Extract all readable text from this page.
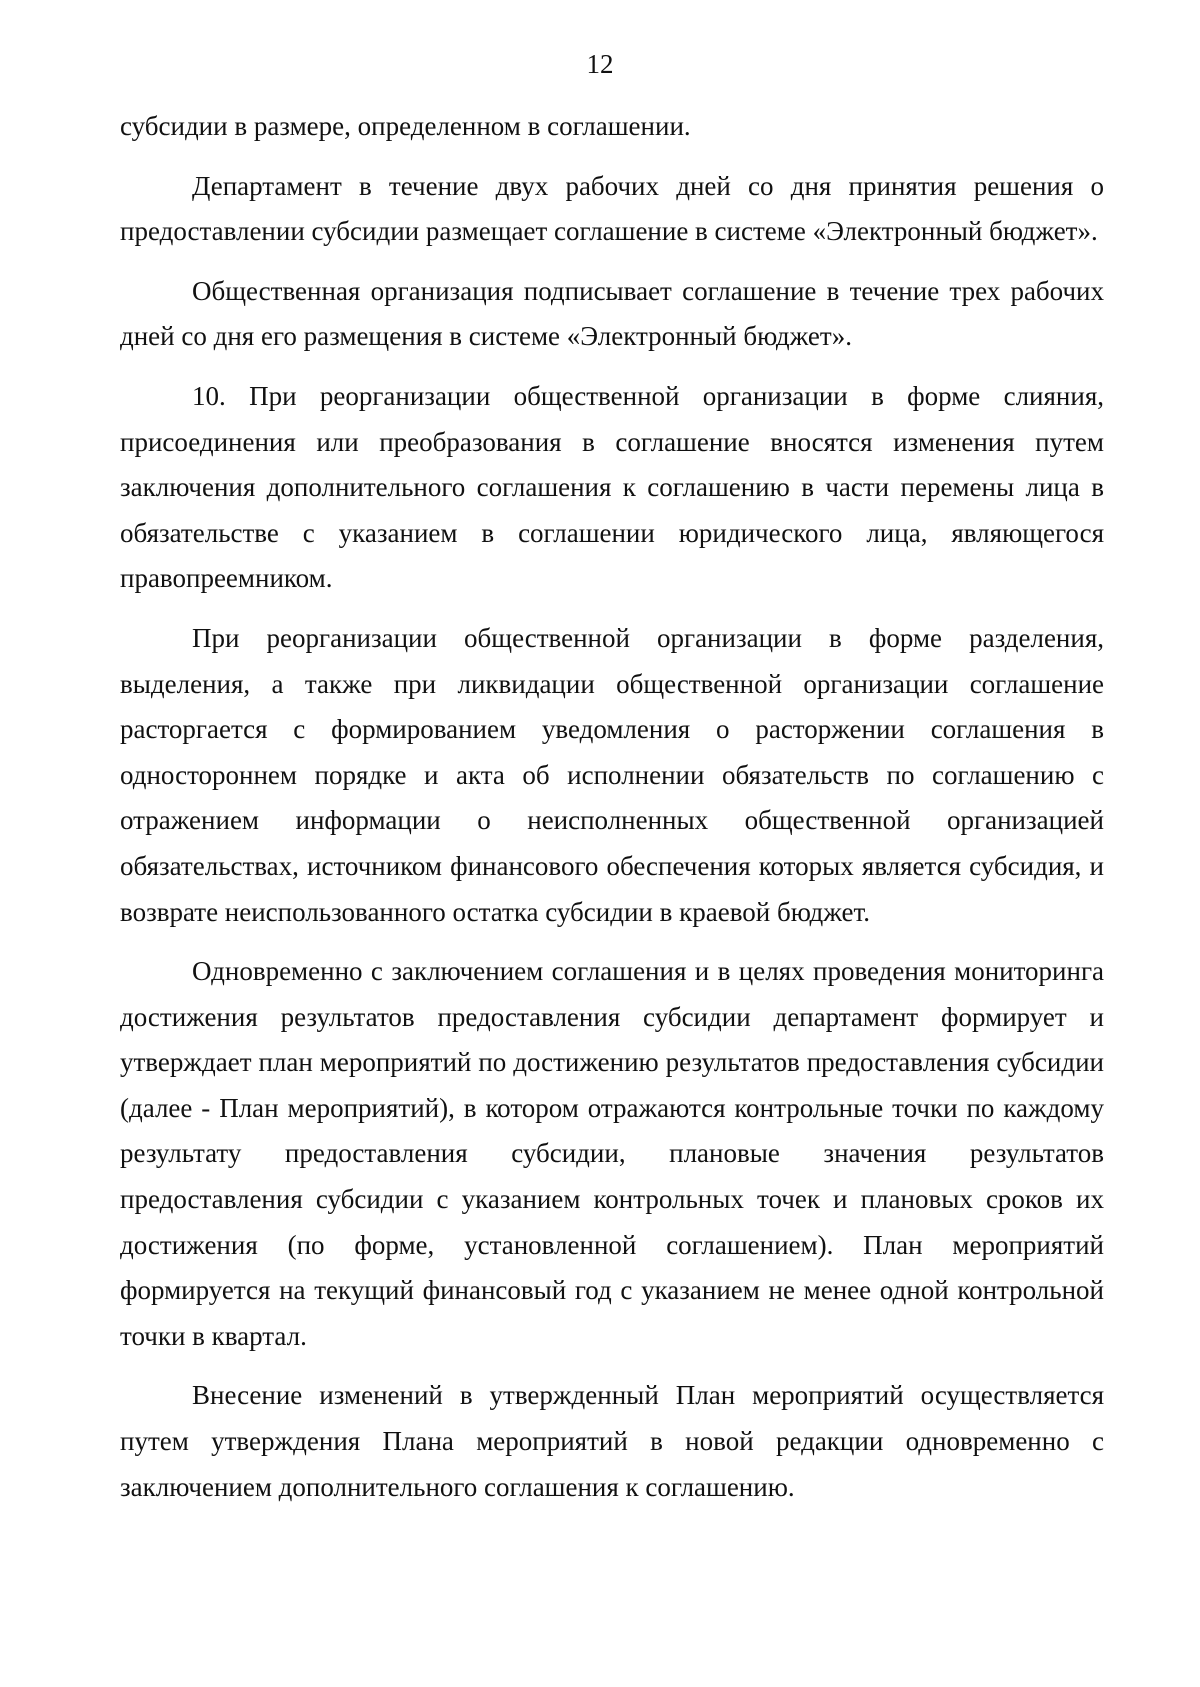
12

субсидии в размере, определенном в соглашении.

Департамент в течение двух рабочих дней со дня принятия решения о предоставлении субсидии размещает соглашение в системе «Электронный бюджет».

Общественная организация подписывает соглашение в течение трех рабочих дней со дня его размещения в системе «Электронный бюджет».

10. При реорганизации общественной организации в форме слияния, присоединения или преобразования в соглашение вносятся изменения путем заключения дополнительного соглашения к соглашению в части перемены лица в обязательстве с указанием в соглашении юридического лица, являющегося правопреемником.

При реорганизации общественной организации в форме разделения, выделения, а также при ликвидации общественной организации соглашение расторгается с формированием уведомления о расторжении соглашения в одностороннем порядке и акта об исполнении обязательств по соглашению с отражением информации о неисполненных общественной организацией обязательствах, источником финансового обеспечения которых является субсидия, и возврате неиспользованного остатка субсидии в краевой бюджет.

Одновременно с заключением соглашения и в целях проведения мониторинга достижения результатов предоставления субсидии департамент формирует и утверждает план мероприятий по достижению результатов предоставления субсидии (далее - План мероприятий), в котором отражаются контрольные точки по каждому результату предоставления субсидии, плановые значения результатов предоставления субсидии с указанием контрольных точек и плановых сроков их достижения (по форме, установленной соглашением). План мероприятий формируется на текущий финансовый год с указанием не менее одной контрольной точки в квартал.

Внесение изменений в утвержденный План мероприятий осуществляется путем утверждения Плана мероприятий в новой редакции одновременно с заключением дополнительного соглашения к соглашению.
